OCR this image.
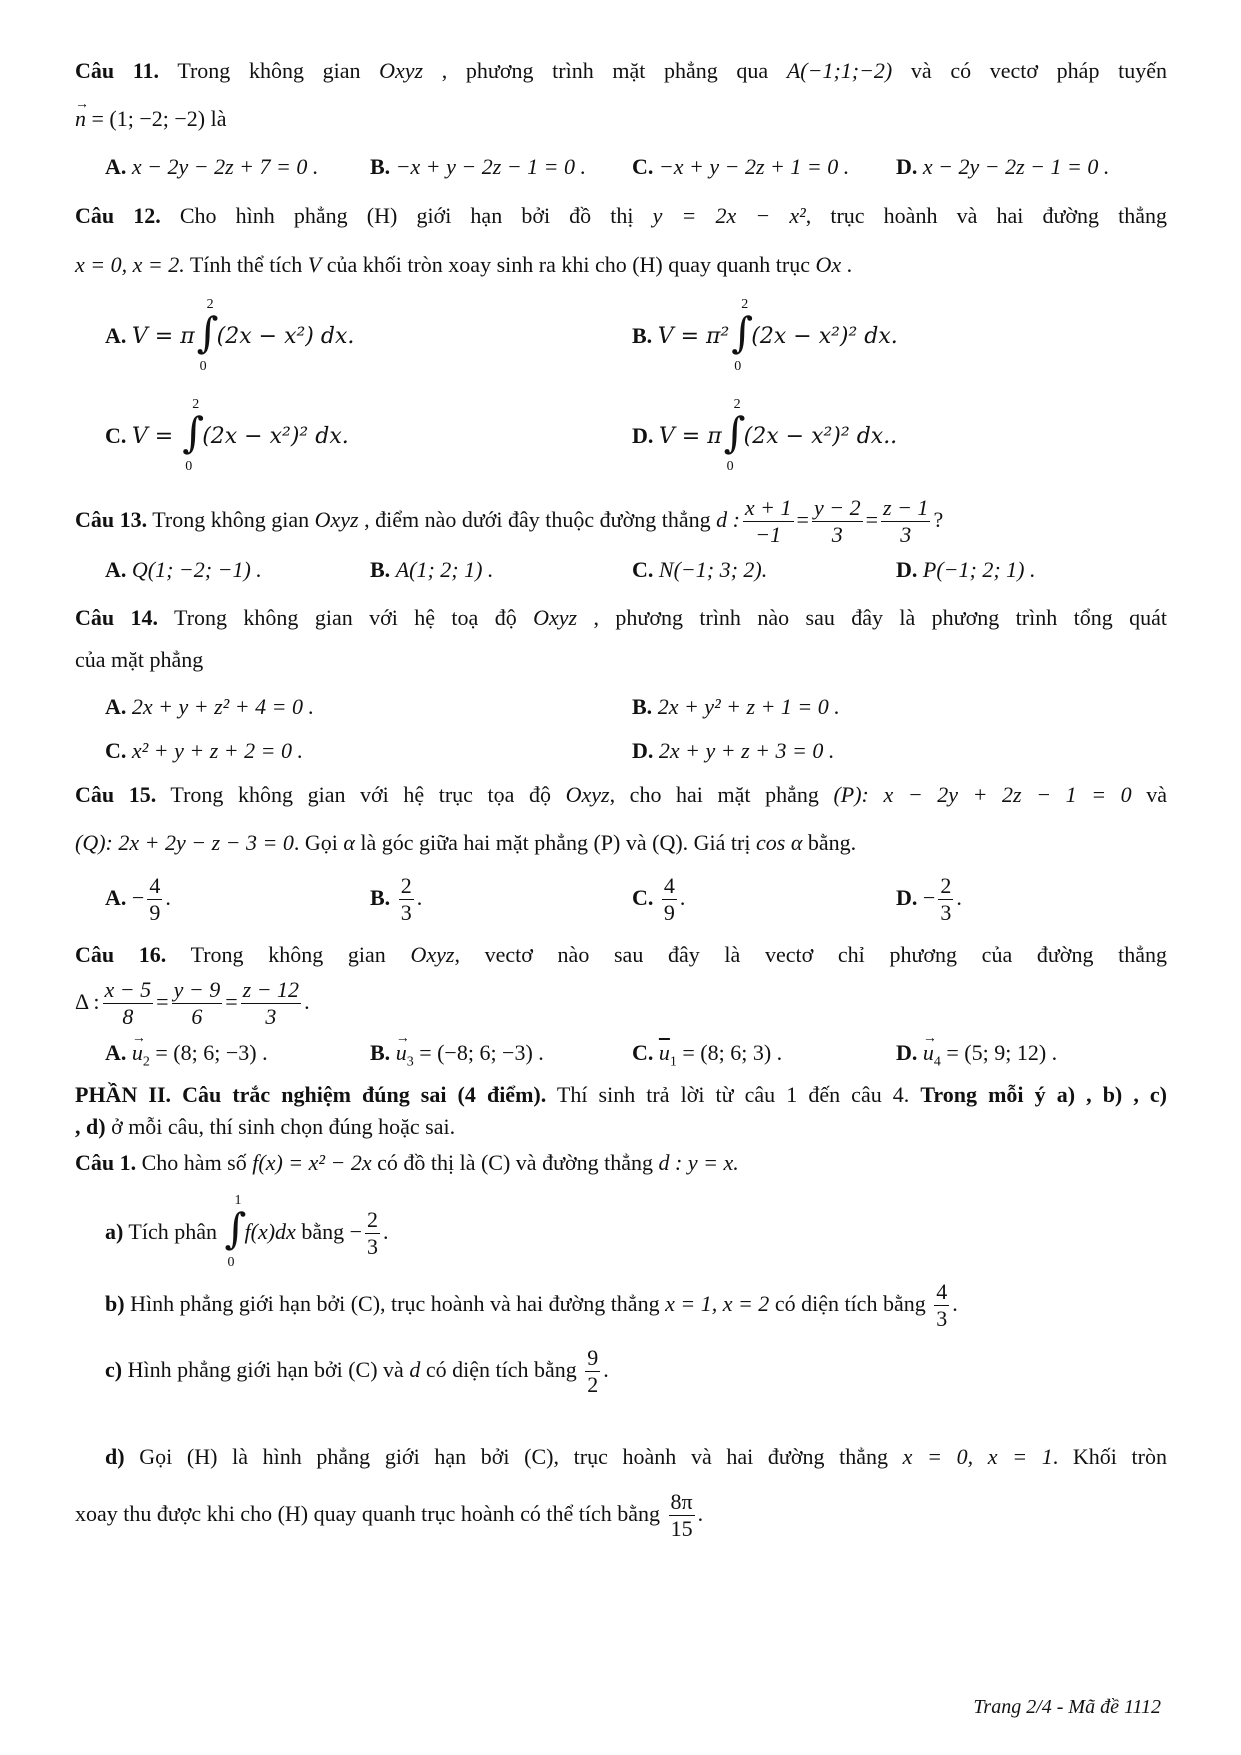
Câu 11. Trong không gian Oxyz , phương trình mặt phẳng qua A(−1;1;−2) và có vectơ pháp tuyến
→ n = (1; −2; −2) là
A. x − 2y − 2z + 7 = 0 . B. −x + y − 2z − 1 = 0 . C. −x + y − 2z + 1 = 0 . D. x − 2y − 2z − 1 = 0 .
Câu 12. Cho hình phẳng (H) giới hạn bởi đồ thị y = 2x − x², trục hoành và hai đường thẳng
x = 0, x = 2. Tính thể tích V của khối tròn xoay sinh ra khi cho (H) quay quanh trục Ox .
A. V = π
2
∫
0
(2x − x²) dx.	B. V = π²
2
∫
0
(2x − x²)² dx.
C. V =
2
∫
0
(2x − x²)² dx.	D. V = π
2
∫
0
(2x − x²)² dx..
Câu 13. Trong không gian Oxyz , điểm nào dưới đây thuộc đường thẳng d : $\frac{x + 1}{-1} = \frac{y - 2}{3} = \frac{z - 1}{3}$ ?
A. Q(1; −2; −1) .	B. A(1; 2; 1) .	C. N(−1; 3; 2).	D. P(−1; 2; 1) .
Câu 14. Trong không gian với hệ toạ độ Oxyz , phương trình nào sau đây là phương trình tổng quát
của mặt phẳng
A. 2x + y + z² + 4 = 0 .	B. 2x + y² + z + 1 = 0 .
C. x² + y + z + 2 = 0 .	D. 2x + y + z + 3 = 0 .
Câu 15. Trong không gian với hệ trục tọa độ Oxyz, cho hai mặt phẳng (P): x − 2y + 2z − 1 = 0 và
(Q): 2x + 2y − z − 3 = 0. Gọi α là góc giữa hai mặt phẳng (P) và (Q). Giá trị cos α bằng.
A. − $\frac{4}{9}$ .	B. $\frac{2}{3}$ .	C. $\frac{4}{9}$ .	D. − $\frac{2}{3}$ .
Câu 16. Trong không gian Oxyz, vectơ nào sau đây là vectơ chỉ phương của đường thẳng
Δ : $\frac{x - 5}{8} = \frac{y - 9}{6} = \frac{z - 12}{3}$ .
A. → $u_2 = (8$; 6; −3) .	B. → $u_3 = (-8$; 6; −3) .	C. $\overline{u}_1 = (8$; 6; 3) .	D. → $u_4 = (5$; 9; 12) .
PHẦN II. Câu trắc nghiệm đúng sai (4 điểm). Thí sinh trả lời từ câu 1 đến câu 4. Trong mỗi ý a) , b) , c)
, d) ở mỗi câu, thí sinh chọn đúng hoặc sai.
Câu 1. Cho hàm số f(x) = x² − 2x có đồ thị là (C) và đường thẳng d : y = x.
a) Tích phân
1
∫
0
f(x)dx bằng − $\frac{2}{3}$ .
b) Hình phẳng giới hạn bởi (C), trục hoành và hai đường thẳng x = 1, x = 2 có diện tích bằng $\frac{4}{3}$ .
c) Hình phẳng giới hạn bởi (C) và d có diện tích bằng $\frac{9}{2}$ .
d) Gọi (H) là hình phẳng giới hạn bởi (C), trục hoành và hai đường thẳng x = 0, x = 1. Khối tròn
xoay thu được khi cho (H) quay quanh trục hoành có thể tích bằng $\frac{8\pi}{15}$ .
Trang 2/4 - Mã đề 1112
